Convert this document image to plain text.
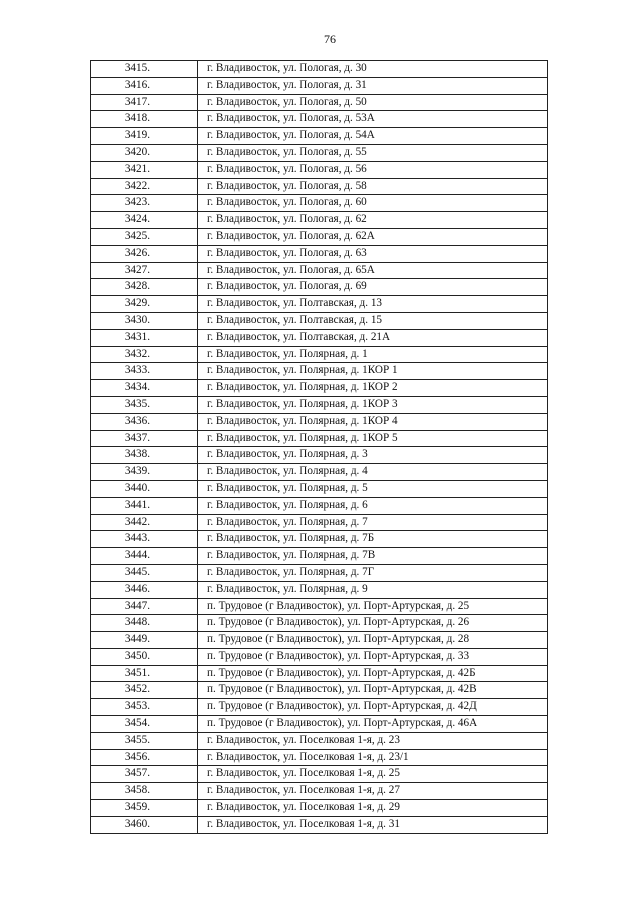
76
3415.	г. Владивосток, ул. Пологая, д. 30
3416.	г. Владивосток, ул. Пологая, д. 31
3417.	г. Владивосток, ул. Пологая, д. 50
3418.	г. Владивосток, ул. Пологая, д. 53А
3419.	г. Владивосток, ул. Пологая, д. 54А
3420.	г. Владивосток, ул. Пологая, д. 55
3421.	г. Владивосток, ул. Пологая, д. 56
3422.	г. Владивосток, ул. Пологая, д. 58
3423.	г. Владивосток, ул. Пологая, д. 60
3424.	г. Владивосток, ул. Пологая, д. 62
3425.	г. Владивосток, ул. Пологая, д. 62А
3426.	г. Владивосток, ул. Пологая, д. 63
3427.	г. Владивосток, ул. Пологая, д. 65А
3428.	г. Владивосток, ул. Пологая, д. 69
3429.	г. Владивосток, ул. Полтавская, д. 13
3430.	г. Владивосток, ул. Полтавская, д. 15
3431.	г. Владивосток, ул. Полтавская, д. 21А
3432.	г. Владивосток, ул. Полярная, д. 1
3433.	г. Владивосток, ул. Полярная, д. 1КОР 1
3434.	г. Владивосток, ул. Полярная, д. 1КОР 2
3435.	г. Владивосток, ул. Полярная, д. 1КОР 3
3436.	г. Владивосток, ул. Полярная, д. 1КОР 4
3437.	г. Владивосток, ул. Полярная, д. 1КОР 5
3438.	г. Владивосток, ул. Полярная, д. 3
3439.	г. Владивосток, ул. Полярная, д. 4
3440.	г. Владивосток, ул. Полярная, д. 5
3441.	г. Владивосток, ул. Полярная, д. 6
3442.	г. Владивосток, ул. Полярная, д. 7
3443.	г. Владивосток, ул. Полярная, д. 7Б
3444.	г. Владивосток, ул. Полярная, д. 7В
3445.	г. Владивосток, ул. Полярная, д. 7Г
3446.	г. Владивосток, ул. Полярная, д. 9
3447.	п. Трудовое (г Владивосток), ул. Порт-Артурская, д. 25
3448.	п. Трудовое (г Владивосток), ул. Порт-Артурская, д. 26
3449.	п. Трудовое (г Владивосток), ул. Порт-Артурская, д. 28
3450.	п. Трудовое (г Владивосток), ул. Порт-Артурская, д. 33
3451.	п. Трудовое (г Владивосток), ул. Порт-Артурская, д. 42Б
3452.	п. Трудовое (г Владивосток), ул. Порт-Артурская, д. 42В
3453.	п. Трудовое (г Владивосток), ул. Порт-Артурская, д. 42Д
3454.	п. Трудовое (г Владивосток), ул. Порт-Артурская, д. 46А
3455.	г. Владивосток, ул. Поселковая 1-я, д. 23
3456.	г. Владивосток, ул. Поселковая 1-я, д. 23/1
3457.	г. Владивосток, ул. Поселковая 1-я, д. 25
3458.	г. Владивосток, ул. Поселковая 1-я, д. 27
3459.	г. Владивосток, ул. Поселковая 1-я, д. 29
3460.	г. Владивосток, ул. Поселковая 1-я, д. 31
